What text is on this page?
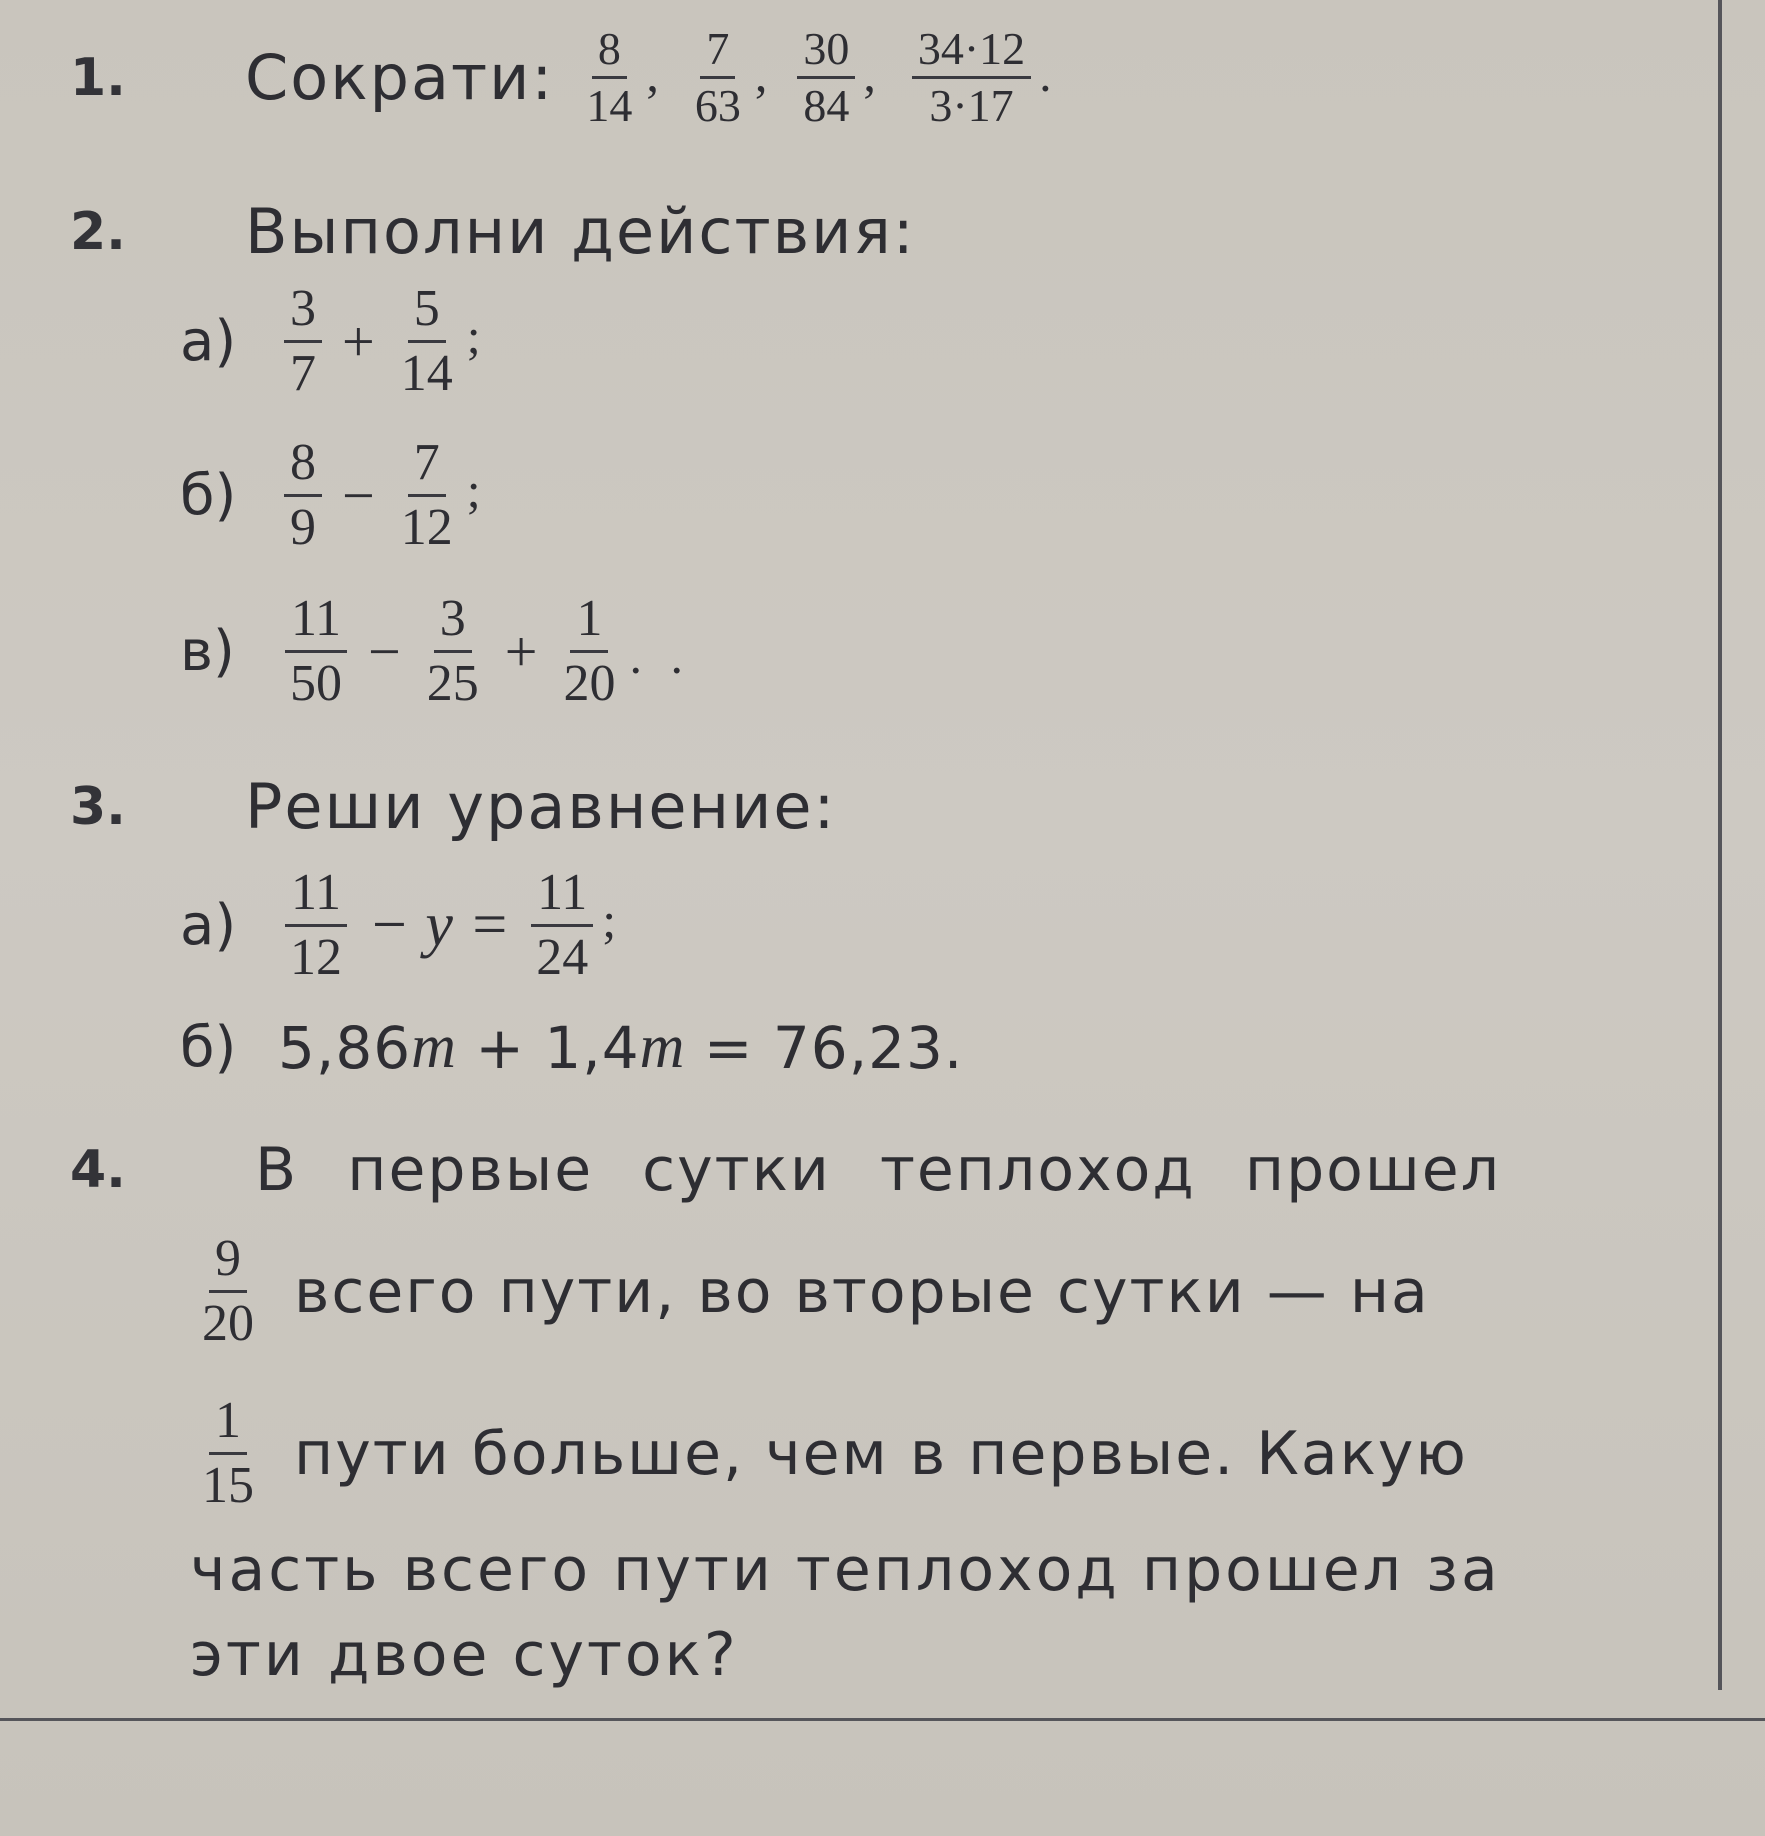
1.	Сократи: $\frac{8}{14}$ , $\frac{7}{63}$ , $\frac{30}{84}$ , $\frac{34\cdot 12}{3\cdot 17}$ .
2.	Выполни действия:
$а) \frac{3}{7} + \frac{5}{14}$ ;
$б) \frac{8}{9} - \frac{7}{12}$ ;
$в) \frac{11}{50} - \frac{3}{25} + \frac{1}{20}$ . .
3.	Реши уравнение:
$а) \frac{11}{12} - y = \frac{11}{24}$ ;
б) 5,86 m + 1,4 m = 76,23.
4.	В первые сутки теплоход прошел
$\frac{9}{20}$ всего пути, во вторые сутки — на
$\frac{1}{15}$ пути больше, чем в первые. Какую
часть всего пути теплоход прошел за
эти двое суток?
